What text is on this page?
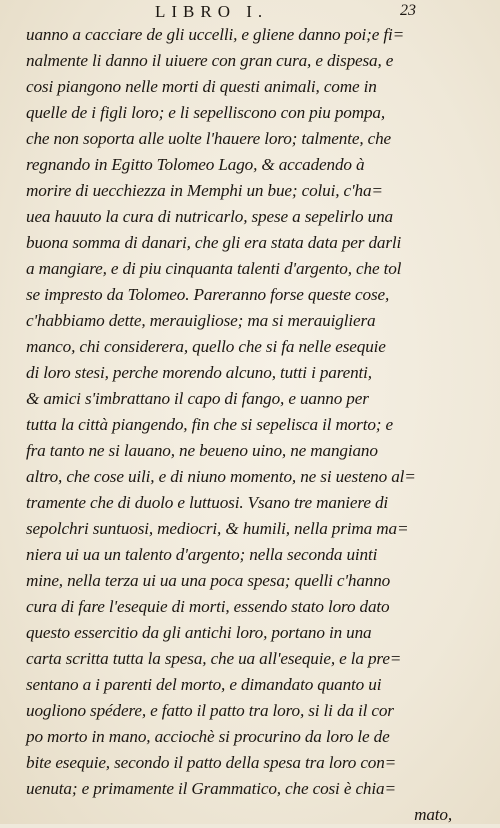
LIBRO I.	23
uanno a cacciare de gli uccelli, e gliene danno poi;e fi=
nalmente li danno il uiuere con gran cura, e dispesa, e
cosi piangono nelle morti di questi animali, come in
quelle de i figli loro; e li sepelliscono con piu pompa,
che non soporta alle uolte l'hauere loro; talmente, che
regnando in Egitto Tolomeo Lago, & accadendo à
morire di uecchiezza in Memphi un bue; colui, c'ha=
uea hauuto la cura di nutricarlo, spese a sepelirlo una
buona somma di danari, che gli era stata data per darli
a mangiare, e di piu cinquanta talenti d'argento, che tol
se impresto da Tolomeo. Pareranno forse queste cose,
c'habbiamo dette, merauigliose; ma si merauigliera
manco, chi considerera, quello che si fa nelle esequie
di loro stesi, perche morendo alcuno, tutti i parenti,
& amici s'imbrattano il capo di fango, e uanno per
tutta la città piangendo, fin che si sepelisca il morto; e
fra tanto ne si lauano, ne beueno uino, ne mangiano
altro, che cose uili, e di niuno momento, ne si uesteno al=
tramente che di duolo e luttuosi. Vsano tre maniere di
sepolchri suntuosi, mediocri, & humili, nella prima ma=
niera ui ua un talento d'argento; nella seconda uinti
mine, nella terza ui ua una poca spesa; quelli c'hanno
cura di fare l'esequie di morti, essendo stato loro dato
questo essercitio da gli antichi loro, portano in una
carta scritta tutta la spesa, che ua all'esequie, e la pre=
sentano a i parenti del morto, e dimandato quanto ui
uogliono spédere, e fatto il patto tra loro, si li da il cor
po morto in mano, acciochè si procurino da loro le de
bite esequie, secondo il patto della spesa tra loro con=
uenuta; e primamente il Grammatico, che cosi è chia=
mato,
